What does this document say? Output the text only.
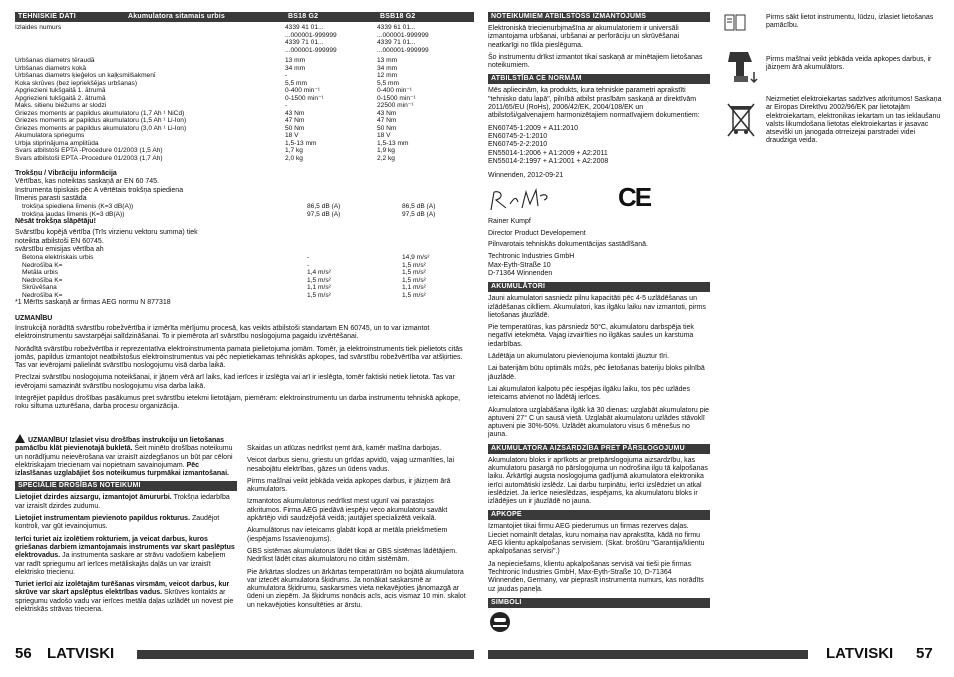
TEHNISKIE DATI	Akumulatora sitamais urbis	BS18 G2	BSB18 G2
Izlaides numurs	4339 41 01...	4339 61 01...
...000001-999999	...000001-999999
4339 71 01...	4339 71 01...
...000001-999999	...000001-999999
Urbšanas diametrs tēraudā	13 mm	13 mm
Urbšanas diametrs kokā	34 mm	34 mm
Urbšanas diametrs ķieģelos un kaļķsmilšakmenī	-	12 mm
Koka skrūves (bez iepriekšējas urbšanas)	5,5 mm	5,5 mm
Apgriezieni tukšgaitā 1. ātrumā	0-400 min⁻¹	0-400 min⁻¹
Apgriezieni tukšgaitā 2. ātrumā	0-1500 min⁻¹	0-1500 min⁻¹
Maks. sitienu biežums ar slodzi	-	22500 min⁻¹
Griezes moments ar papildus akumulatoru (1,7 Ah ¹ NiCd)	43 Nm	43 Nm
Griezes moments ar papildus akumulatoru (1,5 Ah ¹ Li-Ion)	47 Nm	47 Nm
Griezes moments ar papildus akumulatoru (3,0 Ah ¹ Li-Ion)	50 Nm	50 Nm
Akumulatora spriegums	18 V	18 V
Urbja stiprinājuma amplitūda	1,5-13 mm	1,5-13 mm
Svars atbilstoši EPTA -Procedure 01/2003 (1,5 Ah)	1,7 kg	1,9 kg
Svars atbilstoši EPTA -Procedure 01/2003 (1,7 Ah)	2,0 kg	2,2 kg
Trokšņu / Vibrāciju informācija
Vērtības, kas noteiktas saskaņā ar EN 60 745.
Instrumenta tipiskais pēc A vērtētais trokšņa spiediena
līmenis parasti sastāda
trokšņa spiediena līmenis (K=3 dB(A))	86,5 dB (A)	86,5 dB (A)
trokšņa jaudas līmenis (K=3 dB(A))	97,5 dB (A)	97,5 dB (A)
Nēsāt trokšņa slāpētāju!
Svārstību kopējā vērtība (Trīs virzienu vektoru summa) tiek
noteikta atbilstoši EN 60745.
svārstību emisijas vērtība ah
Betona elektriskais urbis	-	14,9 m/s²
Nedrošība K=	-	1,5 m/s²
Metāla urbis	1,4 m/s²	1,5 m/s²
Nedrošība K=	1,5 m/s²	1,5 m/s²
Skrūvēšana	1,1 m/s²	1,1 m/s²
Nedrošība K=	1,5 m/s²	1,5 m/s²
*1 Mērīts saskaņā ar firmas AEG normu N 877318
UZMANĪBU

Instrukcijā norādītā svārstību robežvērtība ir izmērīta mērījumu procesā, kas veikts atbilstoši standartam EN 60745, un to var izmantot elektroinstrumentu savstarpējai salīdzināšanai. To ir piemērota arī svārstību noslogojuma pagaidu izvērtēšanai.

Norādītā svārstību robežvērtība ir reprezentatīva elektroinstrumenta pamata pielietojuma jomām. Tomēr, ja elektroinstruments tiek pielietots citās jomās, papildus izmantojot neatbilstošus elektroinstrumentus vai pēc nepietiekamas tehniskās apkopes, tad svārstību robežvērtība var atšķirties. Tas var ievērojami palielināt svārstību noslogojumu visā darba laikā.

Precīzai svārstību noslogojuma noteikšanai, ir jāņem vērā arī laiks, kad ierīces ir izslēgta vai arī ir ieslēgta, tomēr faktiski netiek lietota. Tas var ievērojami samazināt svārstību noslogojumu visa darba laikā.

Integrējiet papildus drošības pasākumus pret svārstību ietekmi lietotājam, piemēram: elektroinstrumentu un darba instrumentu tehniskā apkope, roku siltuma uzturēšana, darba procesu organizācija.

UZMANĪBU! Izlasiet visu drošības instrukciju un lietošanas pamācību klāt pievienotajā bukletā. Šeit minēto drošības noteikumu un norādījumu neievērošana var izraisīt aizdegšanos un būt par cēloni elektriskajam triecienam vai nopietnam savainojumam. Pēc izlasīšanas uzglabājiet šos noteikumus turpmākai izmantošanai.

SPECIĀLIE DROŠĪBAS NOTEIKUMI

Lietojiet dzirdes aizsargu, izmantojot āmururbi. Trokšņa iedarbība var izraisīt dzirdes zudumu.

Lietojiet instrumentam pievienoto papildus rokturus. Zaudējot kontroli, var gūt ievainojumus.

Ierīci turiet aiz izolētiem rokturiem, ja veicat darbus, kuros griešanas darbiem izmantojamais instruments var skart paslēptus elektrovadus. Ja instrumenta saskare ar strāvu vadošiem kabeļiem var radīt spriegumu arī ierīces metāliskajās daļās un var izraisīt elektrisko triecienu.

Turiet ierīci aiz izolētajām turēšanas virsmām, veicot darbus, kur skrūve var skart apslēptus elektrības vadus. Skrūves kontakts ar spriegumu vadošo vadu var ierīces metāla daļas uzlādēt un novest pie elektriskās strāvas trieciena.

Skaidas un atlūzas nedrīkst ņemt ārā, kamēr mašīna darbojas.

Veicot darbus sienu, griestu un grīdas apvidū, vajag uzmanīties, lai nesabojātu elektrības, gāzes un ūdens vadus.

Pirms mašīnai veikt jebkāda veida apkopes darbus, ir jāizņem ārā akumulators.

Izmantotos akumulatorus nedrīkst mest ugunī vai parastajos atkritumos. Firma AEG piedāvā iespēju veco akumulatoru savākt apkārtējo vidi saudzējošā veidā; jautājiet specializētā veikalā.

Akumulātorus nav ieteicams glabāt kopā ar metāla priekšmetiem (iespējams īssavienojums).

GBS sistēmas akumulatorus lādēt tikai ar GBS sistēmas lādētājiem. Nedrīkst lādēt citas akumulatoru no citām sistēmām.

Pie ārkārtas slodzes un ārkārtas temperatūrām no bojātā akumulatora var iztecēt akumulatora šķidrums. Ja nonākat saskarsmē ar akumulatora šķidrumu, saskarsmes vieta nekavējoties jānomazgā ar ūdeni un ziepēm. Ja šķidrums nonācis acīs, acis vismaz 10 min. skalot un nekavējoties konsultēties ar ārstu.

56 LATVISKI
NOTEIKUMIEM ATBILSTOŠS IZMANTOJUMS

Elektroniskā triecienurbjmašīna ar akumulatoriem ir universāli izmantojama urbšanai, urbšanai ar perforāciju un skrūvēšanai neatkarīgi no tīkla pieslēguma.

Šo instrumentu drīkst izmantot tikai saskaņā ar minētajiem lietošanas noteikumiem.

ATBILSTĪBA CE NORMĀM

Mēs apliecinām, ka produkts, kura tehniskie parametri aprakstīti "tehnisko datu lapā", pilnībā atbilst prasībām saskaņā ar direktīvām 2011/65/EU (RoHs), 2006/42/EK, 2004/108/EK un atbilstoši/galvenajiem harmonizētajiem normatīvajiem dokumentiem:

EN60745-1:2009 + A11:2010
EN60745-2-1:2010
EN60745-2-2:2010
EN55014-1:2006 + A1:2009 + A2:2011
EN55014-2:1997 + A1:2001 + A2:2008
Winnenden, 2012-09-21
CE
Rainer Kumpf
Director Product Developement
Pilnvarotais tehniskās dokumentācijas sastādīšanā.
Techtronic Industries GmbH
Max-Eyth-Straße 10
D-71364 Winnenden
AKUMULĀTORI

Jauni akumulatori sasniedz pilnu kapacitāti pēc 4-5 uzlādēšanas un izlādēšanas ciklliem. Akumulatori, kas ilgāku laiku nav izmantoti, pirms lietošanas jāuzlādē.

Pie temperatūras, kas pārsniedz 50°C, akumulatoru darbspēja tiek negatīvi ietekmēta. Vajag izvairīties no ilgākas saules un karstuma iedarbības.

Lādētāja un akumulatoru pievienojuma kontakti jāuztur tīri.

Lai baterijām būtu optimāls mūžs, pēc lietošanas bateriju bloks pilnībā jāuzlādē.

Lai akumulatori kalpotu pēc iespējas ilgāku laiku, tos pēc uzlādes ieteicams atvienot no lādētāj ierīces.

Akumulatora uzglabāšana ilgāk kā 30 dienas: uzglabāt akumulatoru pie aptuveni 27° C un sausā vietā. Uzglabāt akumulatoru uzlādes stāvoklī aptuveni pie 30%-50%. Uzlādēt akumulatoru visus 6 mēnešus no jauna.

AKUMULATORA AIZSARDZĪBA PRET PĀRSLOGOJUMU

Akumulatoru bloks ir aprīkots ar pretpārslogojuma aizsardzību, kas akumulatoru pasargā no pārslogojuma un nodrošina ilgu tā kalpošanas laiku. Ārkārtīgi augsta noslogojuma gadījumā akumulatora elektronika ierīci automātiski izslēdz. Lai darbu turpinātu, ierīci izslēdziet un atkal ieslēdziet. Ja ierīce neieslēdzas, iespējams, ka akumulatoru bloks ir izlādējies un ir jāuzlādē no jauna.

APKOPE

Izmantojiet tikai firmu AEG piederumus un firmas rezerves daļas. Lieciet nomainīt detaļas, kuru nomaiņa nav aprakstīta, kādā no firmu AEG klientu apkalpošanas servisiem. (Skat. brošūru "Garantija/klientu apkalpošanas servisi".)

Ja nepieciešams, klientu apkalpošanas servisā vai tieši pie firmas Techtronic Industries GmbH, Max-Eyth-Straße 10, D-71364 Winnenden, Germany, var pieprasīt instrumenta numurs, kas norādīts uz jaudas paneļa.

SIMBOLI
Pirms sākt lietot instrumentu, lūdzu, izlasiet lietošanas pamācību.
Pirms mašīnai veikt jebkāda veida apkopes darbus, ir jāizņem ārā akumulātors.
Neizmetiet elektroiekartas sadzīves atkritumos! Saskaņa ar Eiropas Direktīvu 2002/96/EK par lietotajām elektroiekartam, elektronikas iekartam un tas ieklaušanu valsts likumdošana lietotas elektroiekartas ir jasavac atseviški un janogada otrreizejai parstradei videi draudziga veida.
LATVISKI 57
